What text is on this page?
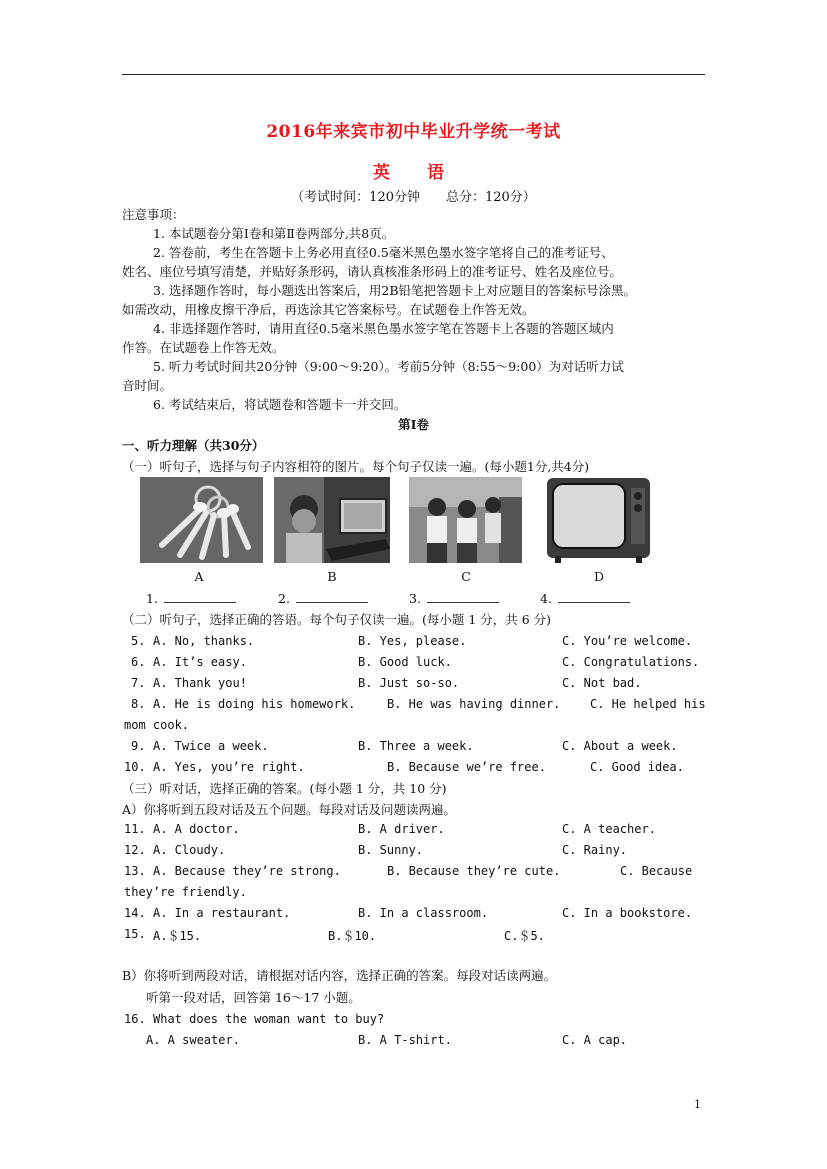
2016年来宾市初中毕业升学统一考试
英　语
（考试时间：120分钟　　总分：120分）
注意事项：
1. 本试题卷分第Ⅰ卷和第Ⅱ卷两部分,共8页。
2. 答卷前，考生在答题卡上务必用直径0.5毫米黑色墨水签字笔将自己的准考证号、
姓名、座位号填写清楚，并贴好条形码，请认真核准条形码上的准考证号、姓名及座位号。
3. 选择题作答时，每小题选出答案后，用2B铅笔把答题卡上对应题目的答案标号涂黑。
如需改动，用橡皮擦干净后，再选涂其它答案标号。在试题卷上作答无效。
4. 非选择题作答时，请用直径0.5毫米黑色墨水签字笔在答题卡上各题的答题区域内
作答。在试题卷上作答无效。
5. 听力考试时间共20分钟（9:00～9:20）。考前5分钟（8:55～9:00）为对话听力试
音时间。
6. 考试结束后，将试题卷和答题卡一并交回。
第Ⅰ卷
一、听力理解（共30分）
（一）听句子，选择与句子内容相符的图片。每个句子仅读一遍。(每小题1分,共4分)
A	B	C	D
1.	2.	3.	4.
（二）听句子，选择正确的答语。每个句子仅读一遍。(每小题 1 分，共 6 分)
5. A. No, thanks.	B. Yes, please.	C. You’re welcome.
6. A. It’s easy.	B. Good luck.	C. Congratulations.
7. A. Thank you!	B. Just so-so.	C. Not bad.
8. A. He is doing his homework.	B. He was having dinner. C. He helped his
mom cook.
9. A. Twice a week.	B. Three a week.	C. About a week.
10. A. Yes, you’re right.	B. Because we’re free.	C. Good idea.
（三）听对话，选择正确的答案。(每小题 1 分，共 10 分)
A）你将听到五段对话及五个问题。每段对话及问题读两遍。
11. A. A doctor.	B. A driver.	C. A teacher.
12. A. Cloudy.	B. Sunny.	C. Rainy.
13. A. Because they’re strong.	B. Because they’re cute.	C. Because
they’re friendly.
14. A. In a restaurant.	B. In a classroom.	C. In a bookstore.
15. A.＄15.	B.＄10.	C.＄5.
B）你将听到两段对话，请根据对话内容，选择正确的答案。每段对话读两遍。
听第一段对话，回答第 16～17 小题。
16. What does the woman want to buy?
A. A sweater.	B. A T-shirt.	C. A cap.
1
